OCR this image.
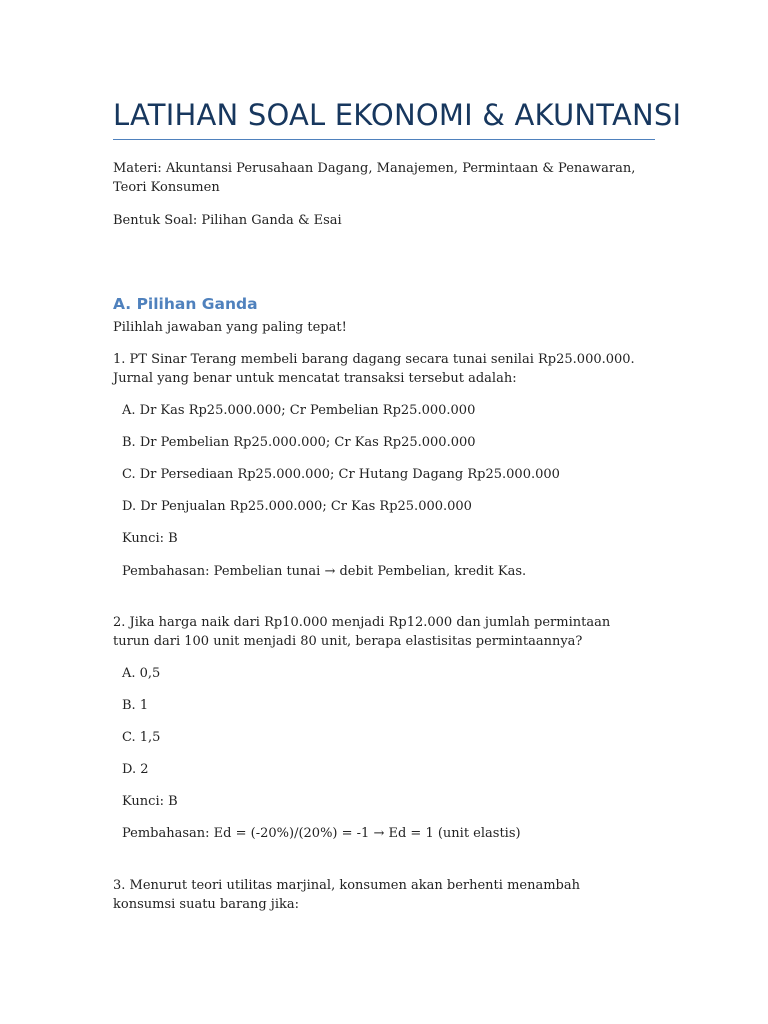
LATIHAN SOAL EKONOMI & AKUNTANSI
Materi: Akuntansi Perusahaan Dagang, Manajemen, Permintaan & Penawaran, Teori Konsumen
Bentuk Soal: Pilihan Ganda & Esai
A. Pilihan Ganda
Pilihlah jawaban yang paling tepat!
1. PT Sinar Terang membeli barang dagang secara tunai senilai Rp25.000.000. Jurnal yang benar untuk mencatat transaksi tersebut adalah:
A. Dr Kas Rp25.000.000; Cr Pembelian Rp25.000.000
B. Dr Pembelian Rp25.000.000; Cr Kas Rp25.000.000
C. Dr Persediaan Rp25.000.000; Cr Hutang Dagang Rp25.000.000
D. Dr Penjualan Rp25.000.000; Cr Kas Rp25.000.000
Kunci: B
Pembahasan: Pembelian tunai → debit Pembelian, kredit Kas.
2. Jika harga naik dari Rp10.000 menjadi Rp12.000 dan jumlah permintaan turun dari 100 unit menjadi 80 unit, berapa elastisitas permintaannya?
A. 0,5
B. 1
C. 1,5
D. 2
Kunci: B
Pembahasan: Ed = (-20%)/(20%) = -1 → Ed = 1 (unit elastis)
3. Menurut teori utilitas marjinal, konsumen akan berhenti menambah konsumsi suatu barang jika:
